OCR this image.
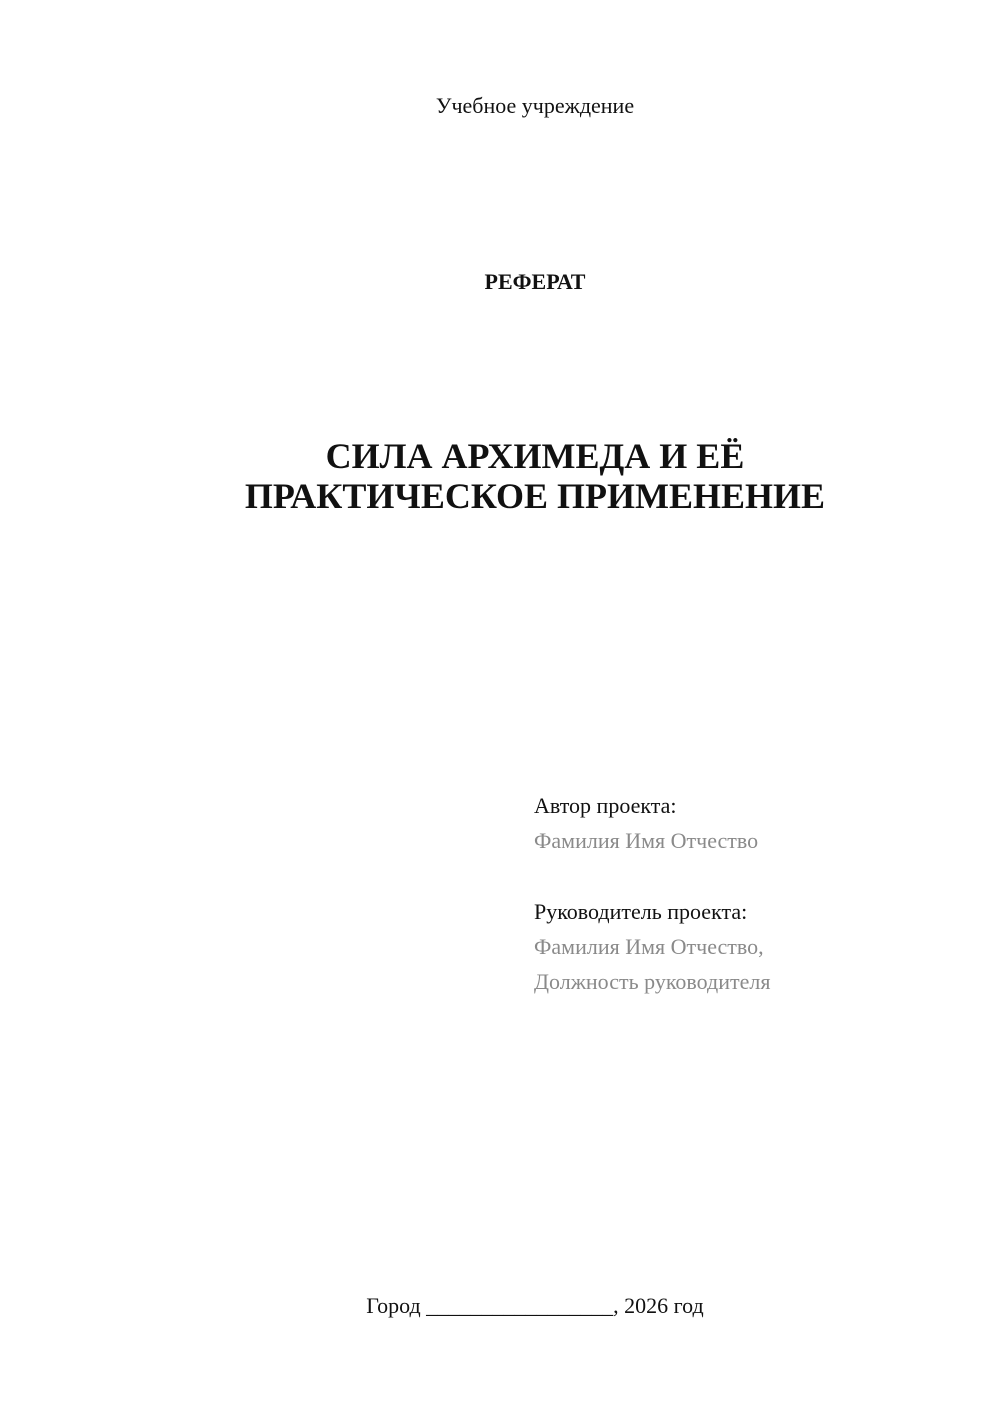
Учебное учреждение
РЕФЕРАТ
СИЛА АРХИМЕДА И ЕЁ
ПРАКТИЧЕСКОЕ ПРИМЕНЕНИЕ
Автор проекта:
Фамилия Имя Отчество
Руководитель проекта:
Фамилия Имя Отчество,
Должность руководителя
Город _________________, 2026 год
